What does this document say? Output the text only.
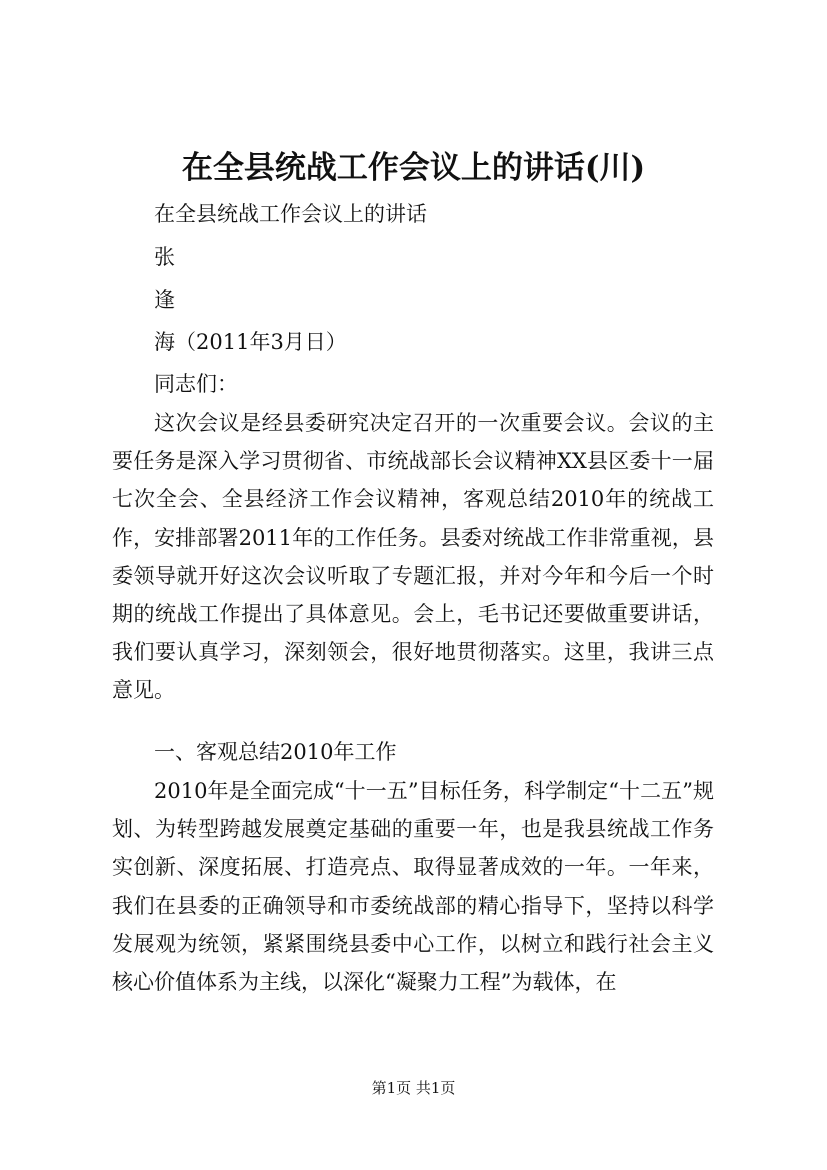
在全县统战工作会议上的讲话(川)
在全县统战工作会议上的讲话
张
逢
海（2011年3月日）
同志们：
这次会议是经县委研究决定召开的一次重要会议。会议的主要任务是深入学习贯彻省、市统战部长会议精神XX县区委十一届七次全会、全县经济工作会议精神，客观总结2010年的统战工作，安排部署2011年的工作任务。县委对统战工作非常重视，县委领导就开好这次会议听取了专题汇报，并对今年和今后一个时期的统战工作提出了具体意见。会上，毛书记还要做重要讲话，我们要认真学习，深刻领会，很好地贯彻落实。这里，我讲三点意见。
一、客观总结2010年工作
2010年是全面完成“十一五”目标任务，科学制定“十二五”规划、为转型跨越发展奠定基础的重要一年，也是我县统战工作务实创新、深度拓展、打造亮点、取得显著成效的一年。一年来，我们在县委的正确领导和市委统战部的精心指导下，坚持以科学发展观为统领，紧紧围绕县委中心工作，以树立和践行社会主义核心价值体系为主线，以深化“凝聚力工程”为载体，在
第1页 共1页
